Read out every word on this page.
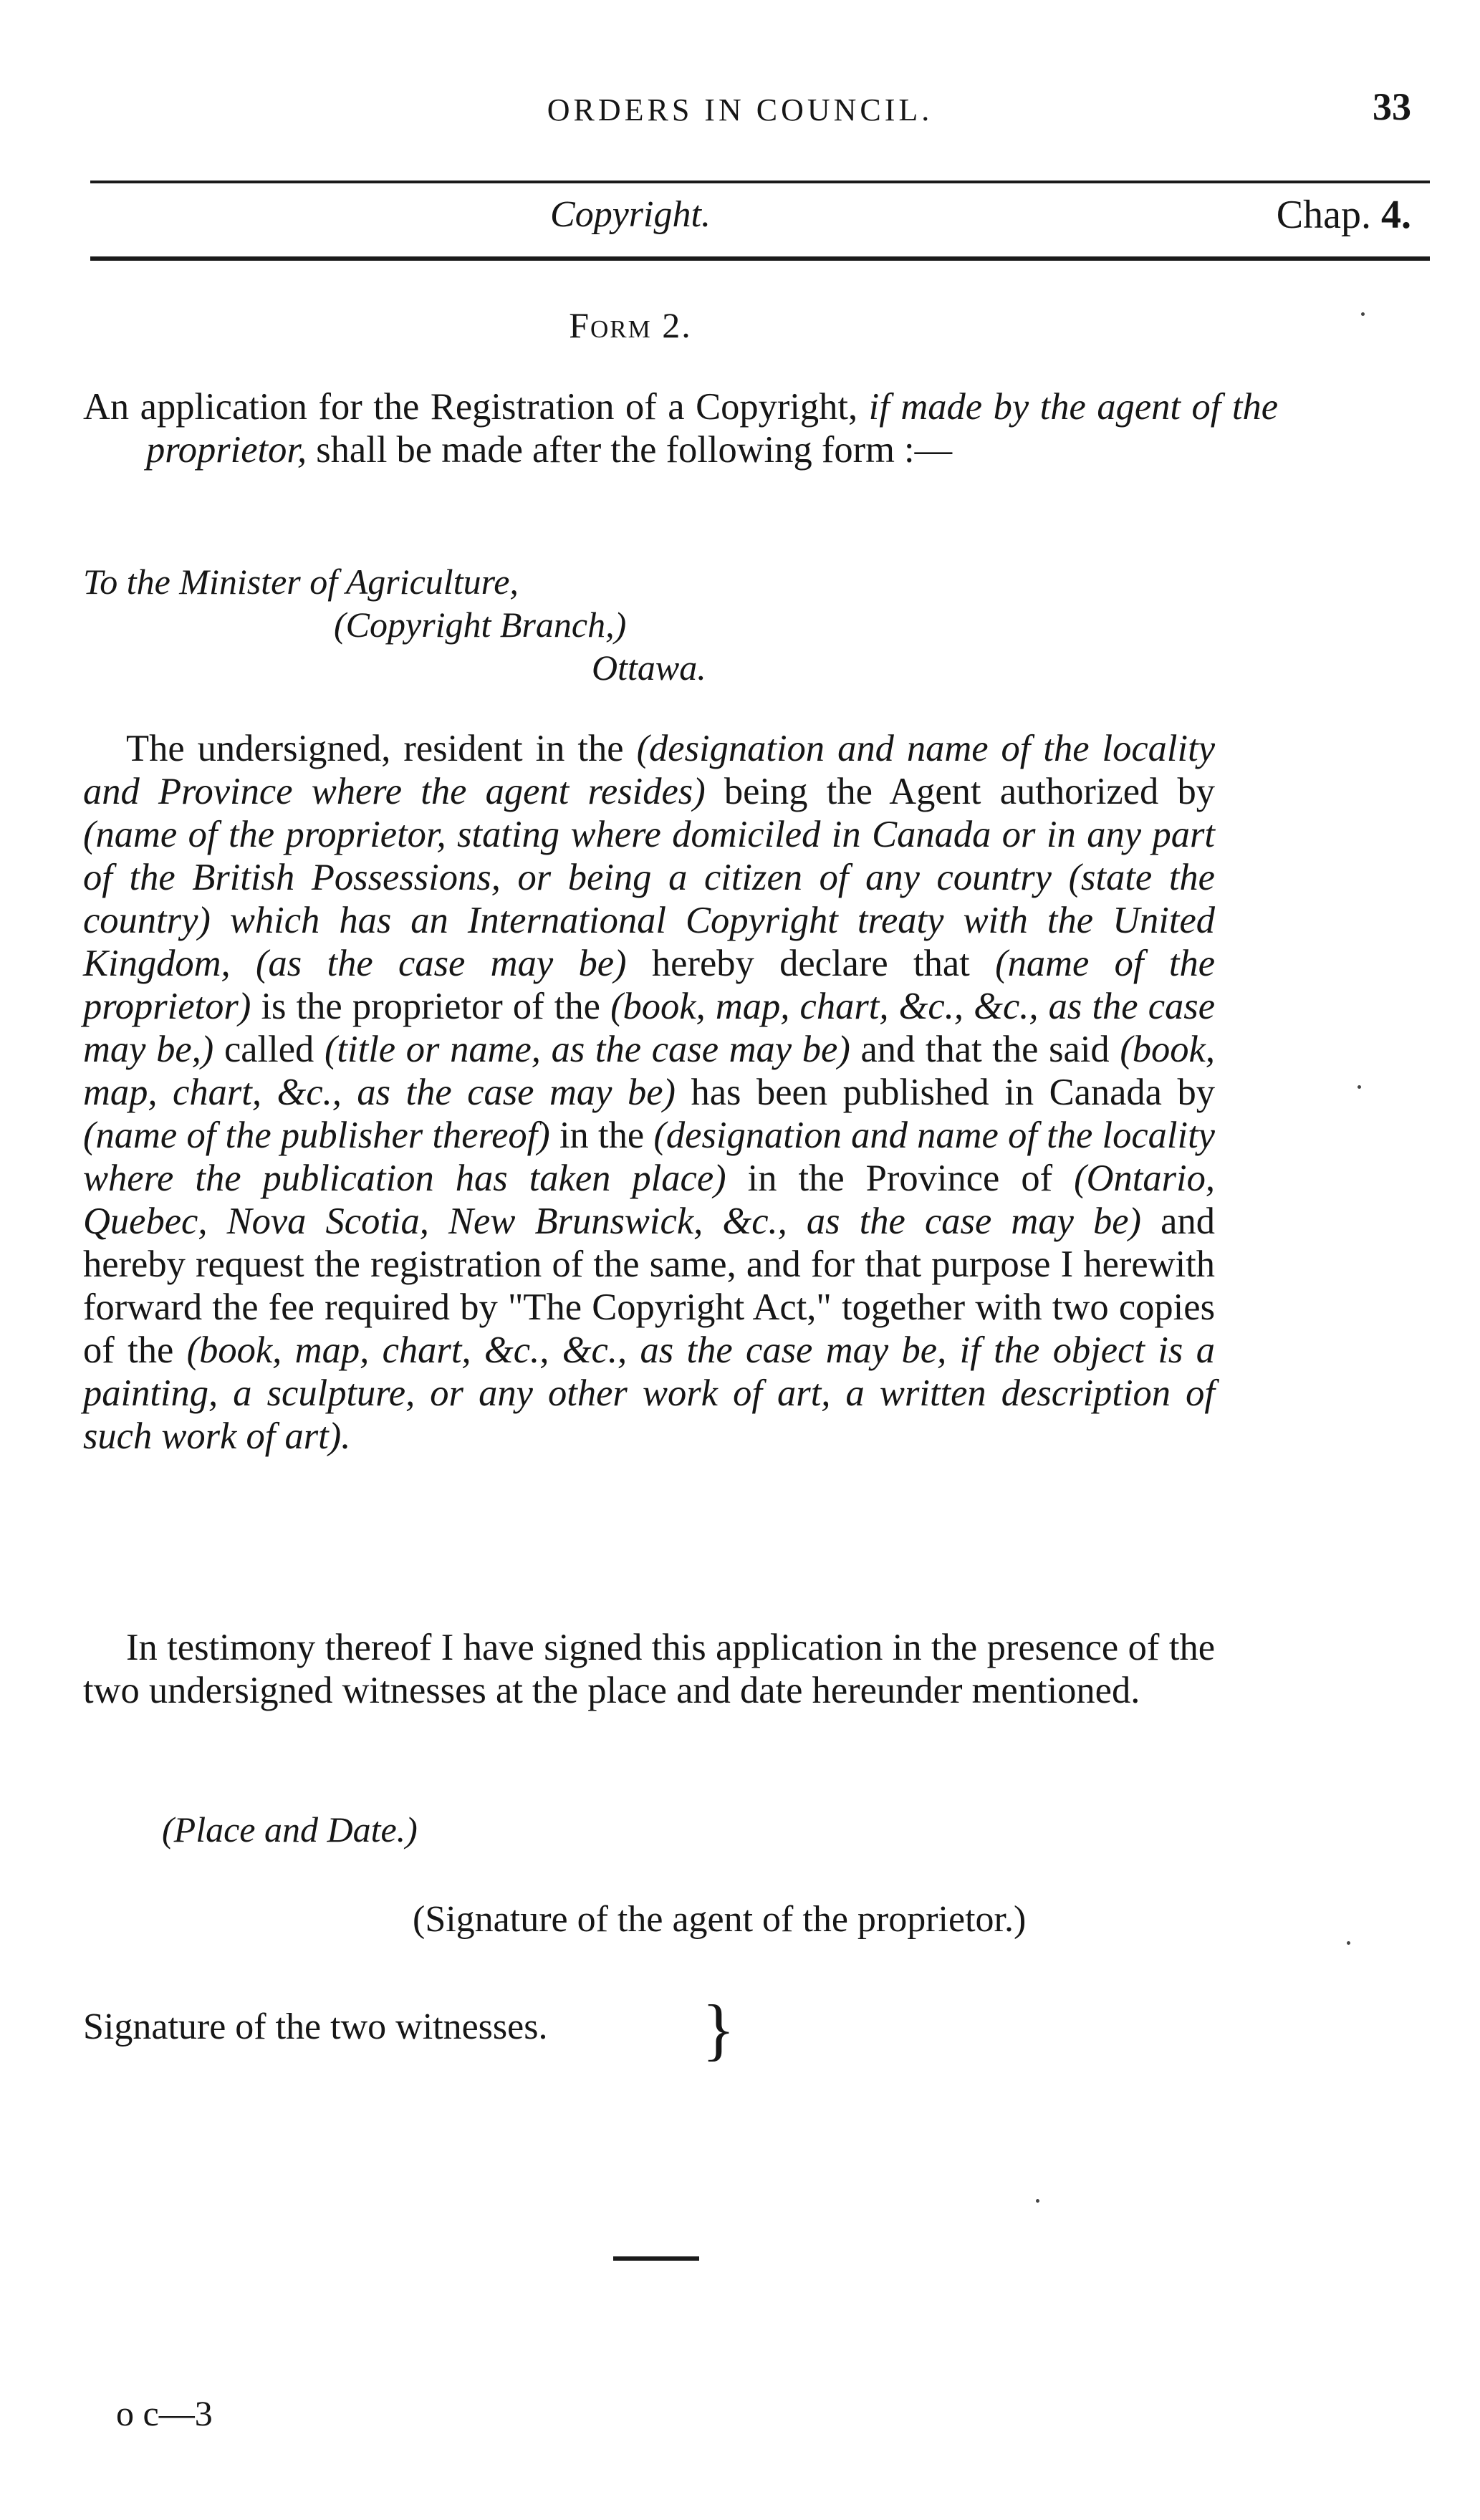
ORDERS IN COUNCIL.	33
Copyright.	Chap. 4.
Form 2.
An application for the Registration of a Copyright, if made by the agent of the proprietor, shall be made after the following form :—
To the Minister of Agriculture,
(Copyright Branch,)
Ottawa.
The undersigned, resident in the (designation and name of the locality and Province where the agent resides) being the Agent authorized by (name of the proprietor, stating where domiciled in Canada or in any part of the British Possessions, or being a citizen of any country (state the country) which has an International Copyright treaty with the United Kingdom, (as the case may be) hereby declare that (name of the proprietor) is the proprietor of the (book, map, chart, &c., &c., as the case may be,) called (title or name, as the case may be) and that the said (book, map, chart, &c., as the case may be) has been published in Canada by (name of the publisher thereof) in the (designation and name of the locality where the publication has taken place) in the Province of (Ontario, Quebec, Nova Scotia, New Brunswick, &c., as the case may be) and hereby request the registration of the same, and for that purpose I herewith forward the fee required by "The Copyright Act," together with two copies of the (book, map, chart, &c., &c., as the case may be, if the object is a painting, a sculpture, or any other work of art, a written description of such work of art).
In testimony thereof I have signed this application in the presence of the two undersigned witnesses at the place and date hereunder mentioned.
(Place and Date.)
(Signature of the agent of the proprietor.)
Signature of the two witnesses. }
o c—3
